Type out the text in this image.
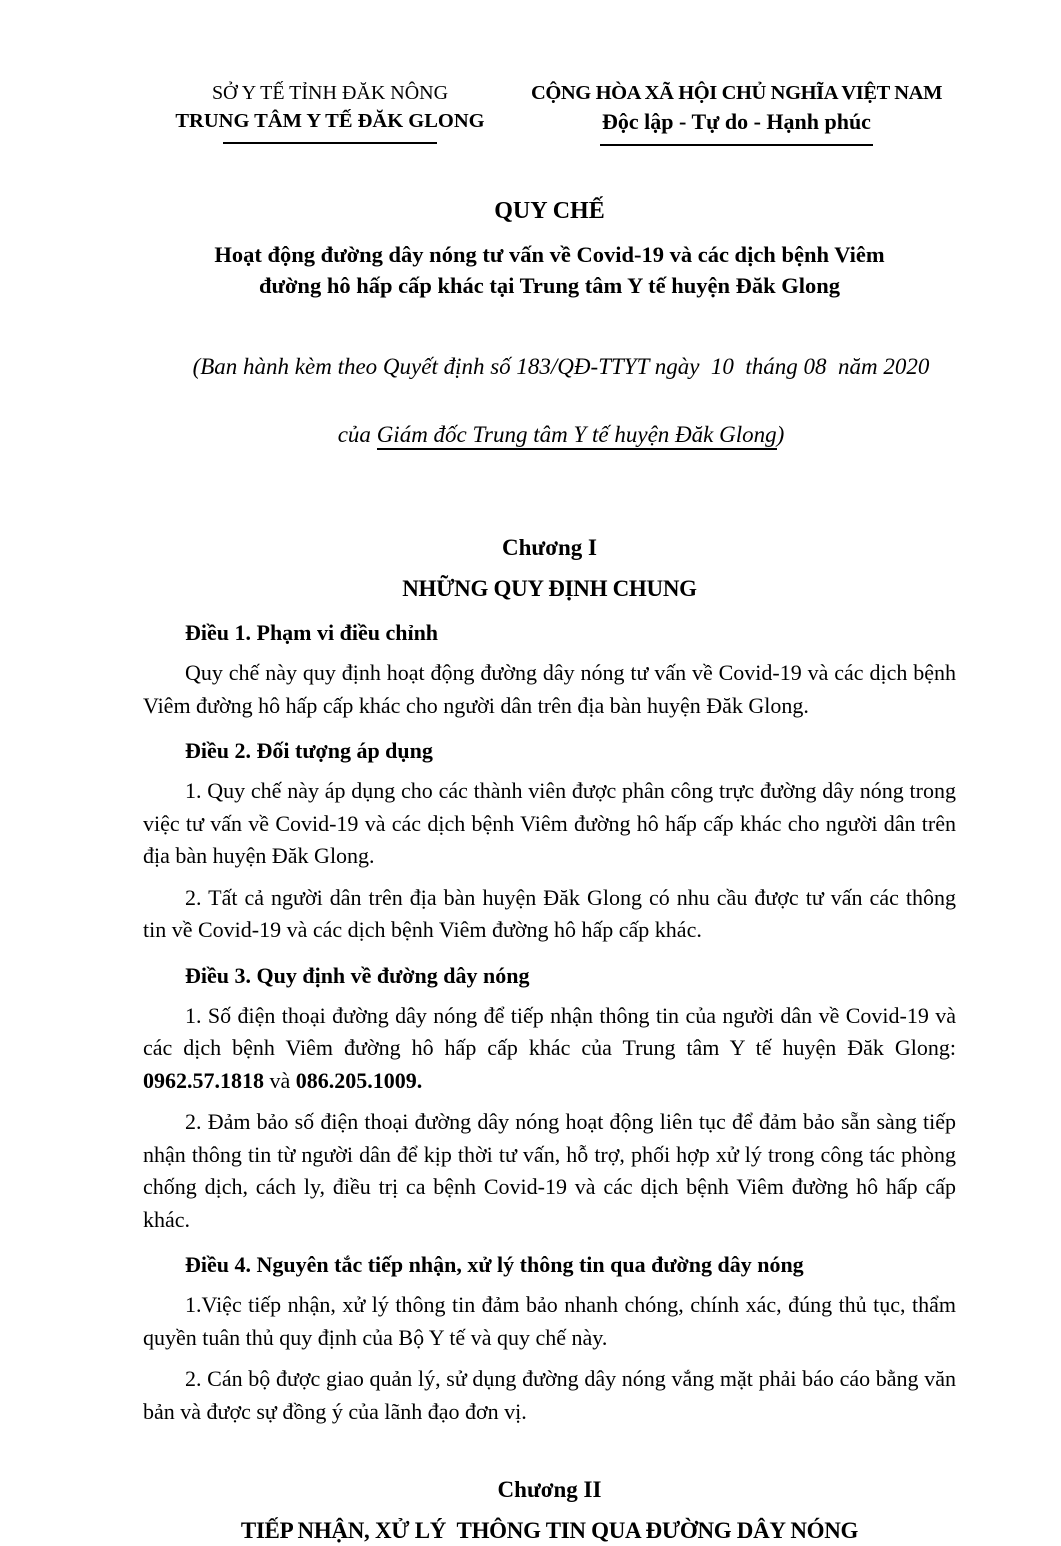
SỞ Y TẾ TỈNH ĐĂK NÔNG
TRUNG TÂM Y TẾ ĐĂK GLONG
CỘNG HÒA XÃ HỘI CHỦ NGHĨA VIỆT NAM
Độc lập - Tự do - Hạnh phúc
QUY CHẾ
Hoạt động đường dây nóng tư vấn về Covid-19 và các dịch bệnh Viêm
đường hô hấp cấp khác tại Trung tâm Y tế huyện Đăk Glong

(Ban hành kèm theo Quyết định số 183/QĐ-TTYT ngày  10  tháng 08  năm 2020

của Giám đốc Trung tâm Y tế huyện Đăk Glong)

Chương I
NHỮNG QUY ĐỊNH CHUNG
Điều 1. Phạm vi điều chỉnh

Quy chế này quy định hoạt động đường dây nóng tư vấn về Covid-19 và các dịch bệnh Viêm đường hô hấp cấp khác cho người dân trên địa bàn huyện Đăk Glong.

Điều 2. Đối tượng áp dụng

1. Quy chế này áp dụng cho các thành viên được phân công trực đường dây nóng trong việc tư vấn về Covid-19 và các dịch bệnh Viêm đường hô hấp cấp khác cho người dân trên địa bàn huyện Đăk Glong.

2. Tất cả người dân trên địa bàn huyện Đăk Glong có nhu cầu được tư vấn các thông tin về Covid-19 và các dịch bệnh Viêm đường hô hấp cấp khác.

Điều 3. Quy định về đường dây nóng

1. Số điện thoại đường dây nóng để tiếp nhận thông tin của người dân về Covid-19 và các dịch bệnh Viêm đường hô hấp cấp khác của Trung tâm Y tế huyện Đăk Glong: 0962.57.1818 và 086.205.1009.

2. Đảm bảo số điện thoại đường dây nóng hoạt động liên tục để đảm bảo sẵn sàng tiếp nhận thông tin từ người dân để kịp thời tư vấn, hỗ trợ, phối hợp xử lý trong công tác phòng chống dịch, cách ly, điều trị ca bệnh Covid-19 và các dịch bệnh Viêm đường hô hấp cấp khác.

Điều 4. Nguyên tắc tiếp nhận, xử lý thông tin qua đường dây nóng

1.Việc tiếp nhận, xử lý thông tin đảm bảo nhanh chóng, chính xác, đúng thủ tục, thẩm quyền tuân thủ quy định của Bộ Y tế và quy chế này.

2. Cán bộ được giao quản lý, sử dụng đường dây nóng vắng mặt phải báo cáo bằng văn bản và được sự đồng ý của lãnh đạo đơn vị.

Chương II
TIẾP NHẬN, XỬ LÝ  THÔNG TIN QUA ĐƯỜNG DÂY NÓNG
